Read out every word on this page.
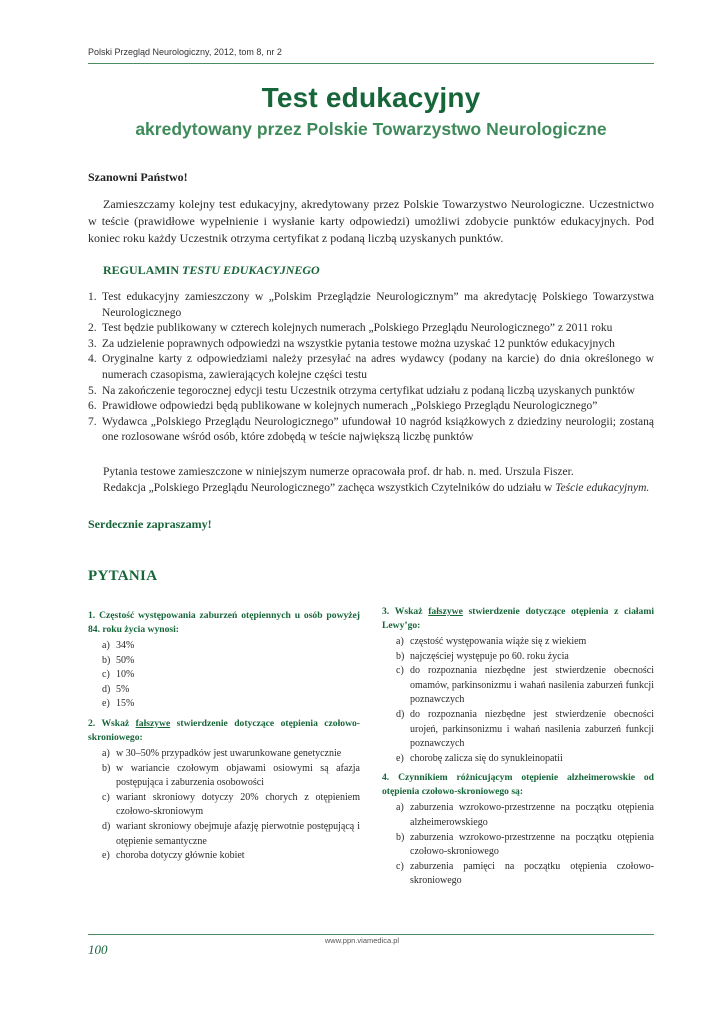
Polski Przegląd Neurologiczny, 2012, tom 8, nr 2
Test edukacyjny
akredytowany przez Polskie Towarzystwo Neurologiczne
Szanowni Państwo!
Zamieszczamy kolejny test edukacyjny, akredytowany przez Polskie Towarzystwo Neurologiczne. Uczestnictwo w teście (prawidłowe wypełnienie i wysłanie karty odpowiedzi) umożliwi zdobycie punktów edukacyjnych. Pod koniec roku każdy Uczestnik otrzyma certyfikat z podaną liczbą uzyskanych punktów.
REGULAMIN TESTU EDUKACYJNEGO
1. Test edukacyjny zamieszczony w „Polskim Przeglądzie Neurologicznym” ma akredytację Polskiego Towarzystwa Neurologicznego
2. Test będzie publikowany w czterech kolejnych numerach „Polskiego Przeglądu Neurologicznego” z 2011 roku
3. Za udzielenie poprawnych odpowiedzi na wszystkie pytania testowe można uzyskać 12 punktów edukacyjnych
4. Oryginalne karty z odpowiedziami należy przesyłać na adres wydawcy (podany na karcie) do dnia określonego w numerach czasopisma, zawierających kolejne części testu
5. Na zakończenie tegorocznej edycji testu Uczestnik otrzyma certyfikat udziału z podaną liczbą uzyskanych punktów
6. Prawidłowe odpowiedzi będą publikowane w kolejnych numerach „Polskiego Przeglądu Neurologicznego”
7. Wydawca „Polskiego Przeglądu Neurologicznego” ufundował 10 nagród książkowych z dziedziny neurologii; zostaną one rozlosowane wśród osób, które zdobędą w teście największą liczbę punktów
Pytania testowe zamieszczone w niniejszym numerze opracowała prof. dr hab. n. med. Urszula Fiszer.
Redakcja „Polskiego Przeglądu Neurologicznego” zachęca wszystkich Czytelników do udziału w Teście edukacyjnym.
Serdecznie zapraszamy!
PYTANIA
1. Częstość występowania zaburzeń otępiennych u osób powyżej 84. roku życia wynosi:
a) 34%
b) 50%
c) 10%
d) 5%
e) 15%
2. Wskaż fałszywe stwierdzenie dotyczące otępienia czołowo-skroniowego:
a) w 30–50% przypadków jest uwarunkowane genetycznie
b) w wariancie czołowym objawami osiowymi są afazja postępująca i zaburzenia osobowości
c) wariant skroniowy dotyczy 20% chorych z otępieniem czołowo-skroniowym
d) wariant skroniowy obejmuje afazję pierwotnie postępującą i otępienie semantyczne
e) choroba dotyczy głównie kobiet
3. Wskaż fałszywe stwierdzenie dotyczące otępienia z ciałami Lewy’go:
a) częstość występowania wiąże się z wiekiem
b) najczęściej występuje po 60. roku życia
c) do rozpoznania niezbędne jest stwierdzenie obecności omamów, parkinsonizmu i wahań nasilenia zaburzeń funkcji poznawczych
d) do rozpoznania niezbędne jest stwierdzenie obecności urojeń, parkinsonizmu i wahań nasilenia zaburzeń funkcji poznawczych
e) chorobę zalicza się do synukleinopatii
4. Czynnikiem różnicującym otępienie alzheimerowskie od otępienia czołowo-skroniowego są:
a) zaburzenia wzrokowo-przestrzenne na początku otępienia alzheimerowskiego
b) zaburzenia wzrokowo-przestrzenne na początku otępienia czołowo-skroniowego
c) zaburzenia pamięci na początku otępienia czołowo-skroniowego
www.ppn.viamedica.pl
100
